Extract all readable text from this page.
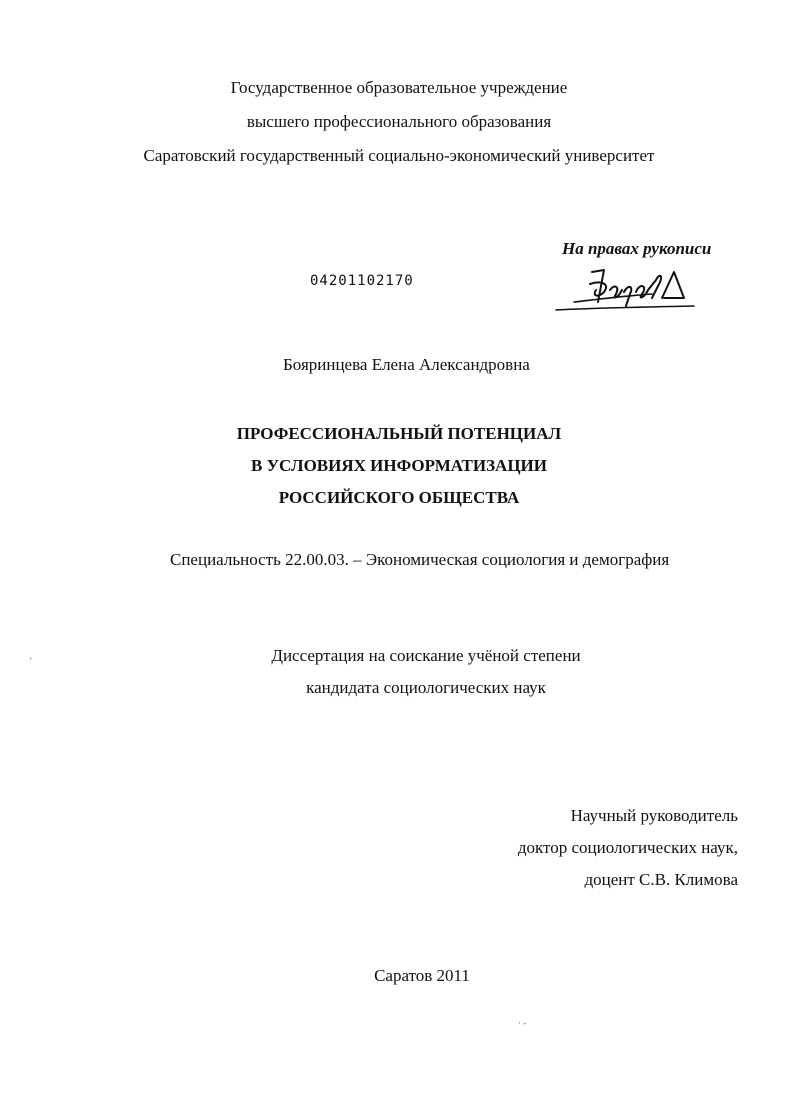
Государственное образовательное учреждение
высшего профессионального образования
Саратовский государственный социально-экономический университет
На правах рукописи
04201102170
Бояринцева Елена Александровна
ПРОФЕССИОНАЛЬНЫЙ ПОТЕНЦИАЛ
В УСЛОВИЯХ ИНФОРМАТИЗАЦИИ
РОССИЙСКОГО ОБЩЕСТВА
Специальность 22.00.03. – Экономическая социология и демография
Диссертация на соискание учёной степени
кандидата социологических наук
Научный руководитель
доктор социологических наук,
доцент С.В. Климова
Саратов 2011
'
· -
